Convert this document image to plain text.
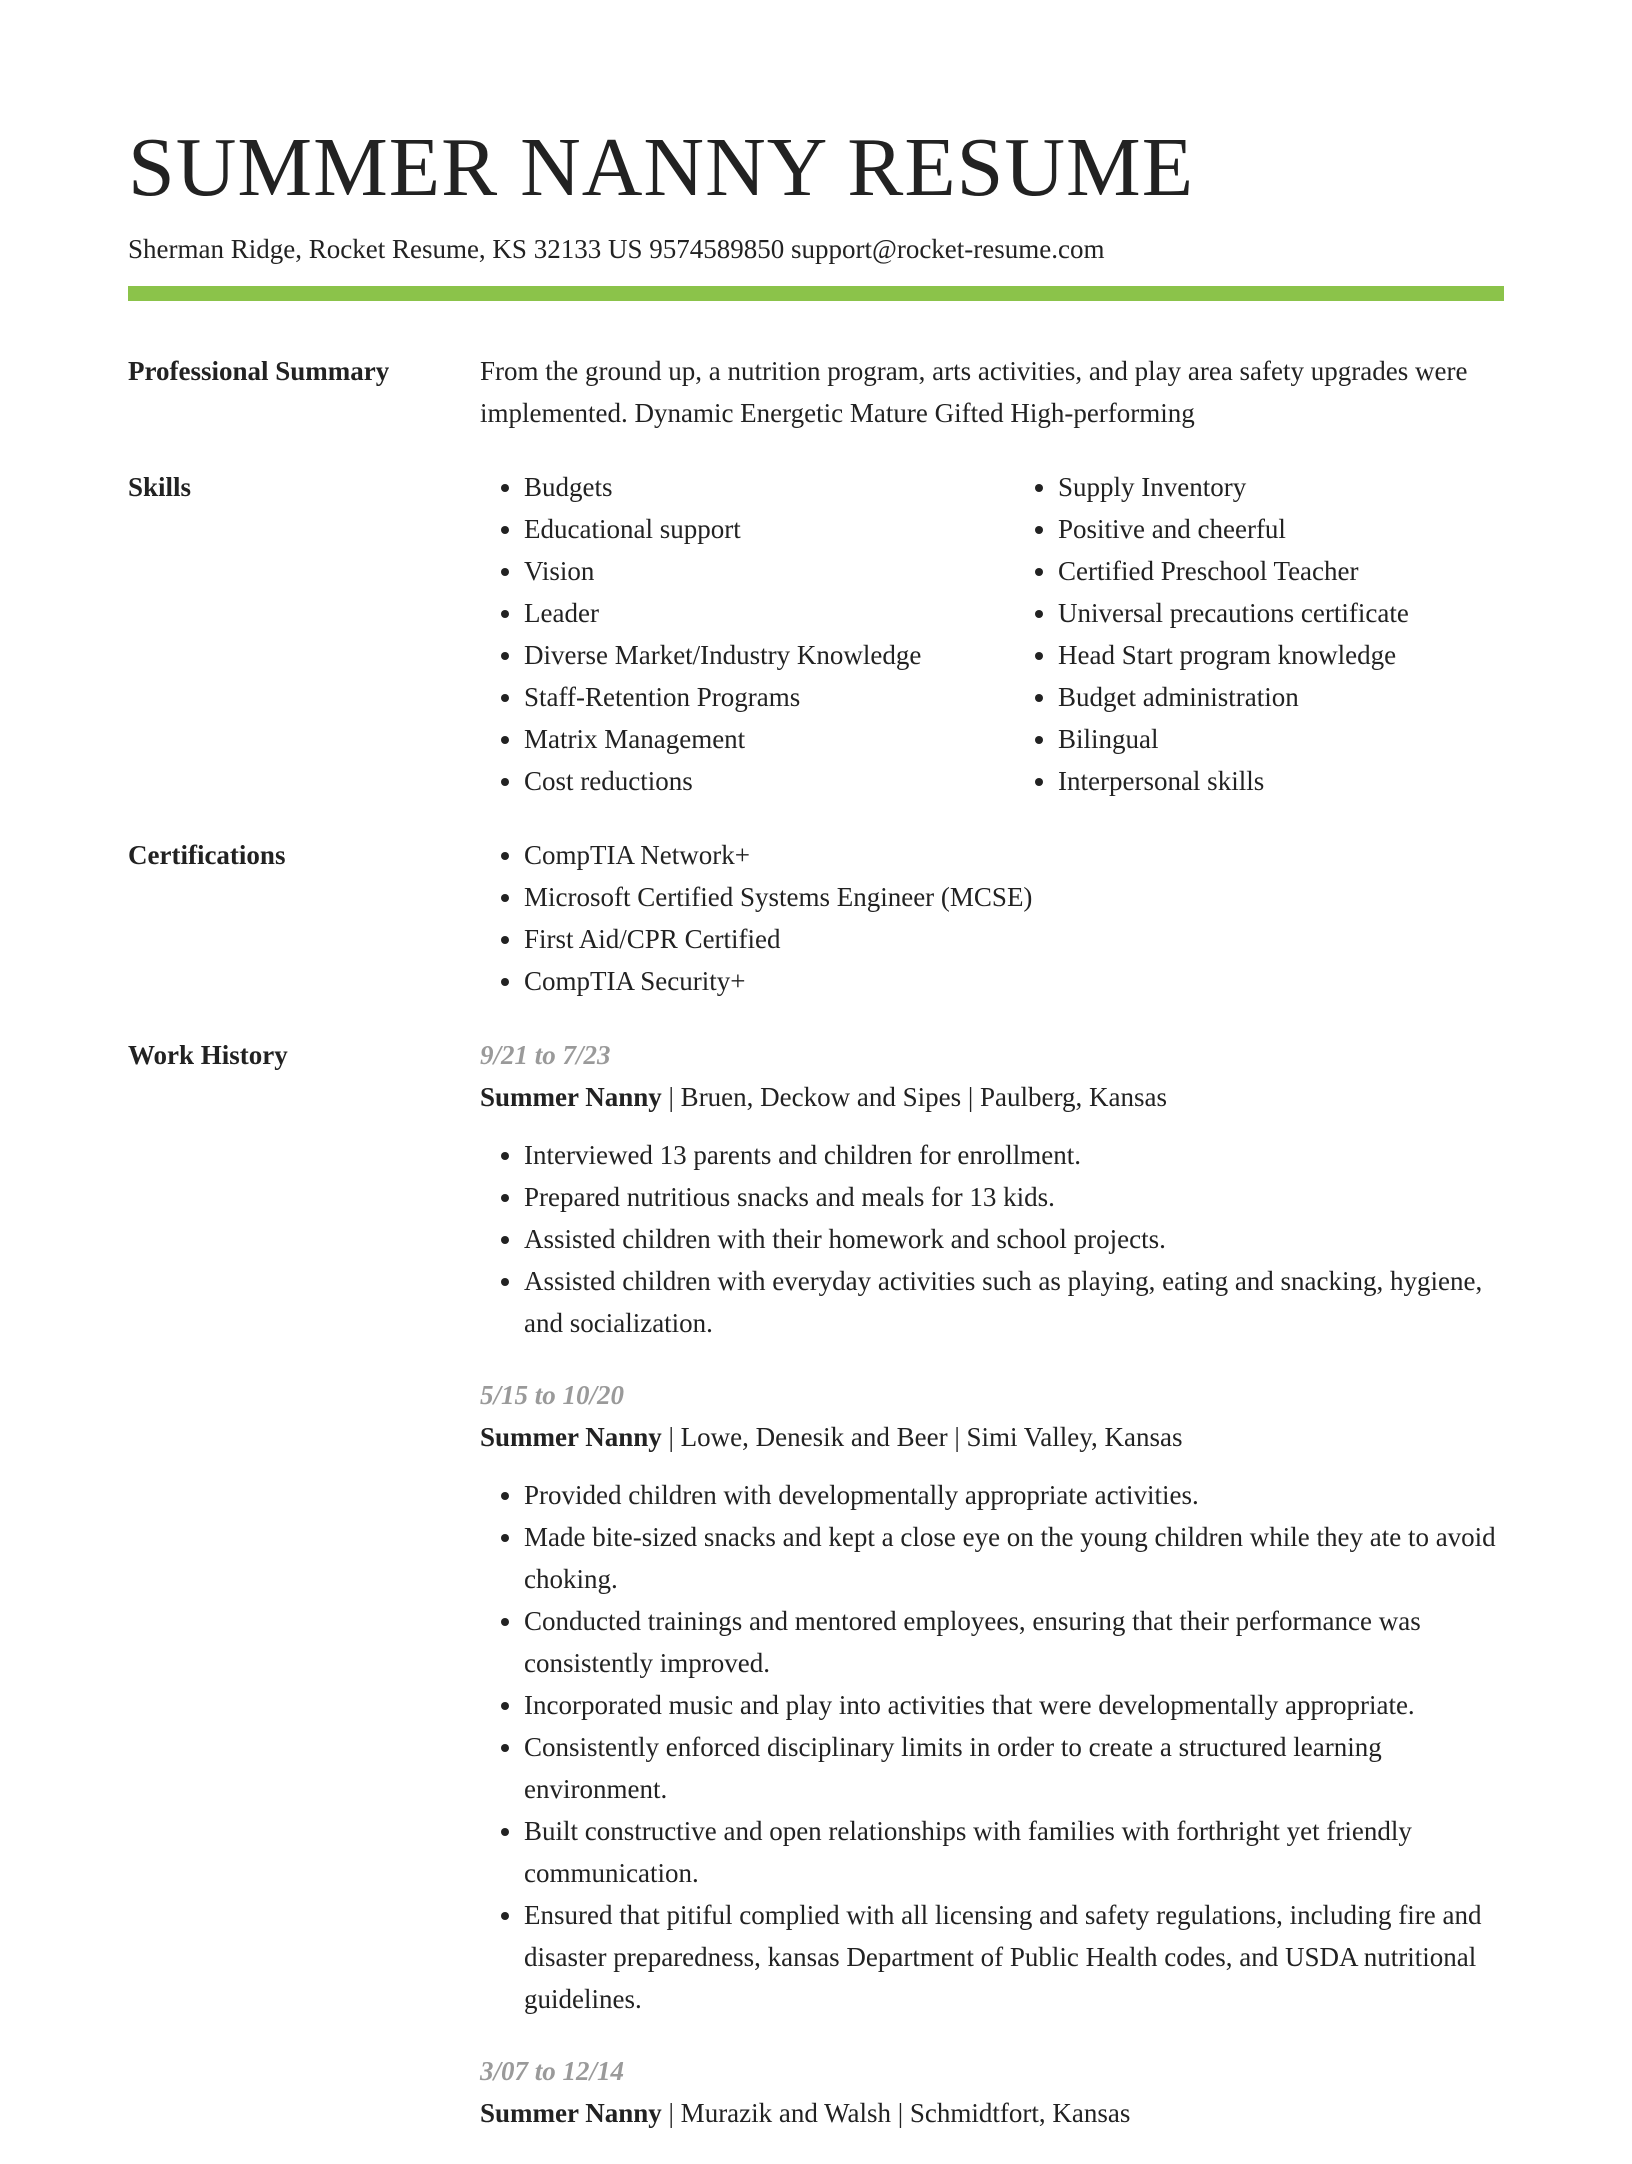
SUMMER NANNY RESUME
Sherman Ridge, Rocket Resume, KS 32133 US 9574589850 support@rocket-resume.com
Professional Summary	From the ground up, a nutrition program, arts activities, and play area safety upgrades were implemented. Dynamic Energetic Mature Gifted High-performing
Skills	• Budgets
• Educational support
• Vision
• Leader
• Diverse Market/Industry Knowledge
• Staff-Retention Programs
• Matrix Management
• Cost reductions
• Supply Inventory
• Positive and cheerful
• Certified Preschool Teacher
• Universal precautions certificate
• Head Start program knowledge
• Budget administration
• Bilingual
• Interpersonal skills
Certifications	• CompTIA Network+
• Microsoft Certified Systems Engineer (MCSE)
• First Aid/CPR Certified
• CompTIA Security+
Work History	9/21 to 7/23
Summer Nanny | Bruen, Deckow and Sipes | Paulberg, Kansas
• Interviewed 13 parents and children for enrollment.
• Prepared nutritious snacks and meals for 13 kids.
• Assisted children with their homework and school projects.
• Assisted children with everyday activities such as playing, eating and snacking, hygiene, and socialization.
5/15 to 10/20
Summer Nanny | Lowe, Denesik and Beer | Simi Valley, Kansas
• Provided children with developmentally appropriate activities.
• Made bite-sized snacks and kept a close eye on the young children while they ate to avoid choking.
• Conducted trainings and mentored employees, ensuring that their performance was consistently improved.
• Incorporated music and play into activities that were developmentally appropriate.
• Consistently enforced disciplinary limits in order to create a structured learning environment.
• Built constructive and open relationships with families with forthright yet friendly communication.
• Ensured that pitiful complied with all licensing and safety regulations, including fire and disaster preparedness, kansas Department of Public Health codes, and USDA nutritional guidelines.
3/07 to 12/14
Summer Nanny | Murazik and Walsh | Schmidtfort, Kansas
